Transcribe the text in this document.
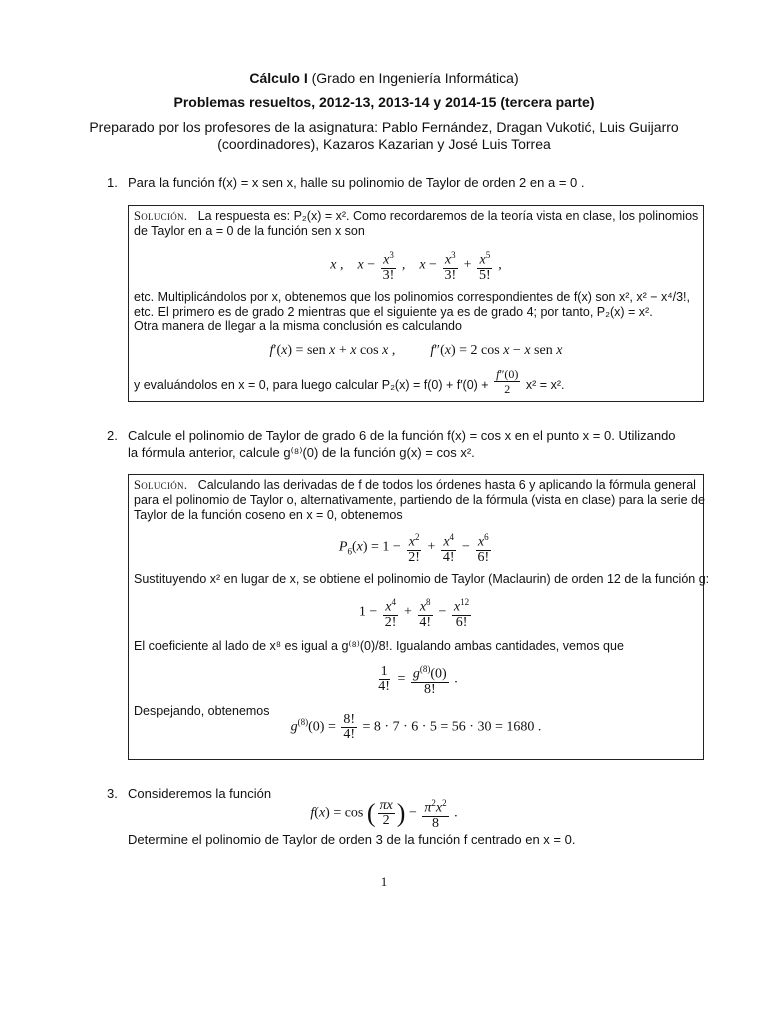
Cálculo I (Grado en Ingeniería Informática)
Problemas resueltos, 2012-13, 2013-14 y 2014-15 (tercera parte)
Preparado por los profesores de la asignatura: Pablo Fernández, Dragan Vukotić, Luis Guijarro
(coordinadores), Kazaros Kazarian y José Luis Torrea
1. Para la función f(x) = x sen x, halle su polinomio de Taylor de orden 2 en a = 0 .
Solución. La respuesta es: P₂(x) = x². Como recordaremos de la teoría vista en clase, los polinomios
de Taylor en a = 0 de la función sen x son
x ,    $x - \frac{x^3}{3!}$ ,    $x - \frac{x^3}{3!} + \frac{x^5}{5!}$ ,
etc. Multiplicándolos por x, obtenemos que los polinomios correspondientes de f(x) son x², x² − x⁴/3!,
etc. El primero es de grado 2 mientras que el siguiente ya es de grado 4; por tanto, P₂(x) = x².
Otra manera de llegar a la misma conclusión es calculando
f′(x) = sen x + x cos x ,          f″(x) = 2 cos x − x sen x
y evaluándolos en x = 0, para luego calcular $P_2(x) = f(0) + f'(0) + \frac{f''(0)}{2} x^2 = x^2$.
2. Calcule el polinomio de Taylor de grado 6 de la función f(x) = cos x en el punto x = 0. Utilizando
la fórmula anterior, calcule g⁽⁸⁾(0) de la función g(x) = cos x².
Solución. Calculando las derivadas de f de todos los órdenes hasta 6 y aplicando la fórmula general
para el polinomio de Taylor o, alternativamente, partiendo de la fórmula (vista en clase) para la serie de
Taylor de la función coseno en x = 0, obtenemos
$P_6(x) = 1 - \frac{x^2}{2!} + \frac{x^4}{4!} - \frac{x^6}{6!}$
Sustituyendo x² en lugar de x, se obtiene el polinomio de Taylor (Maclaurin) de orden 12 de la función g:
$1 - \frac{x^4}{2!} + \frac{x^8}{4!} - \frac{x^{12}}{6!}$
El coeficiente al lado de x⁸ es igual a g⁽⁸⁾(0)/8!. Igualando ambas cantidades, vemos que
$\frac{1}{4!} = \frac{g^{(8)}(0)}{8!}$ .
Despejando, obtenemos
$g^{(8)}(0) = \frac{8!}{4!} = 8 \cdot 7 \cdot 6 \cdot 5 = 56 \cdot 30 = 1680$ .
3. Consideremos la función
f(x) = cos ( $\frac{\pi x}{2}$ ) − $\frac{\pi^2x^2}{8}$ .
Determine el polinomio de Taylor de orden 3 de la función f centrado en x = 0.
1
